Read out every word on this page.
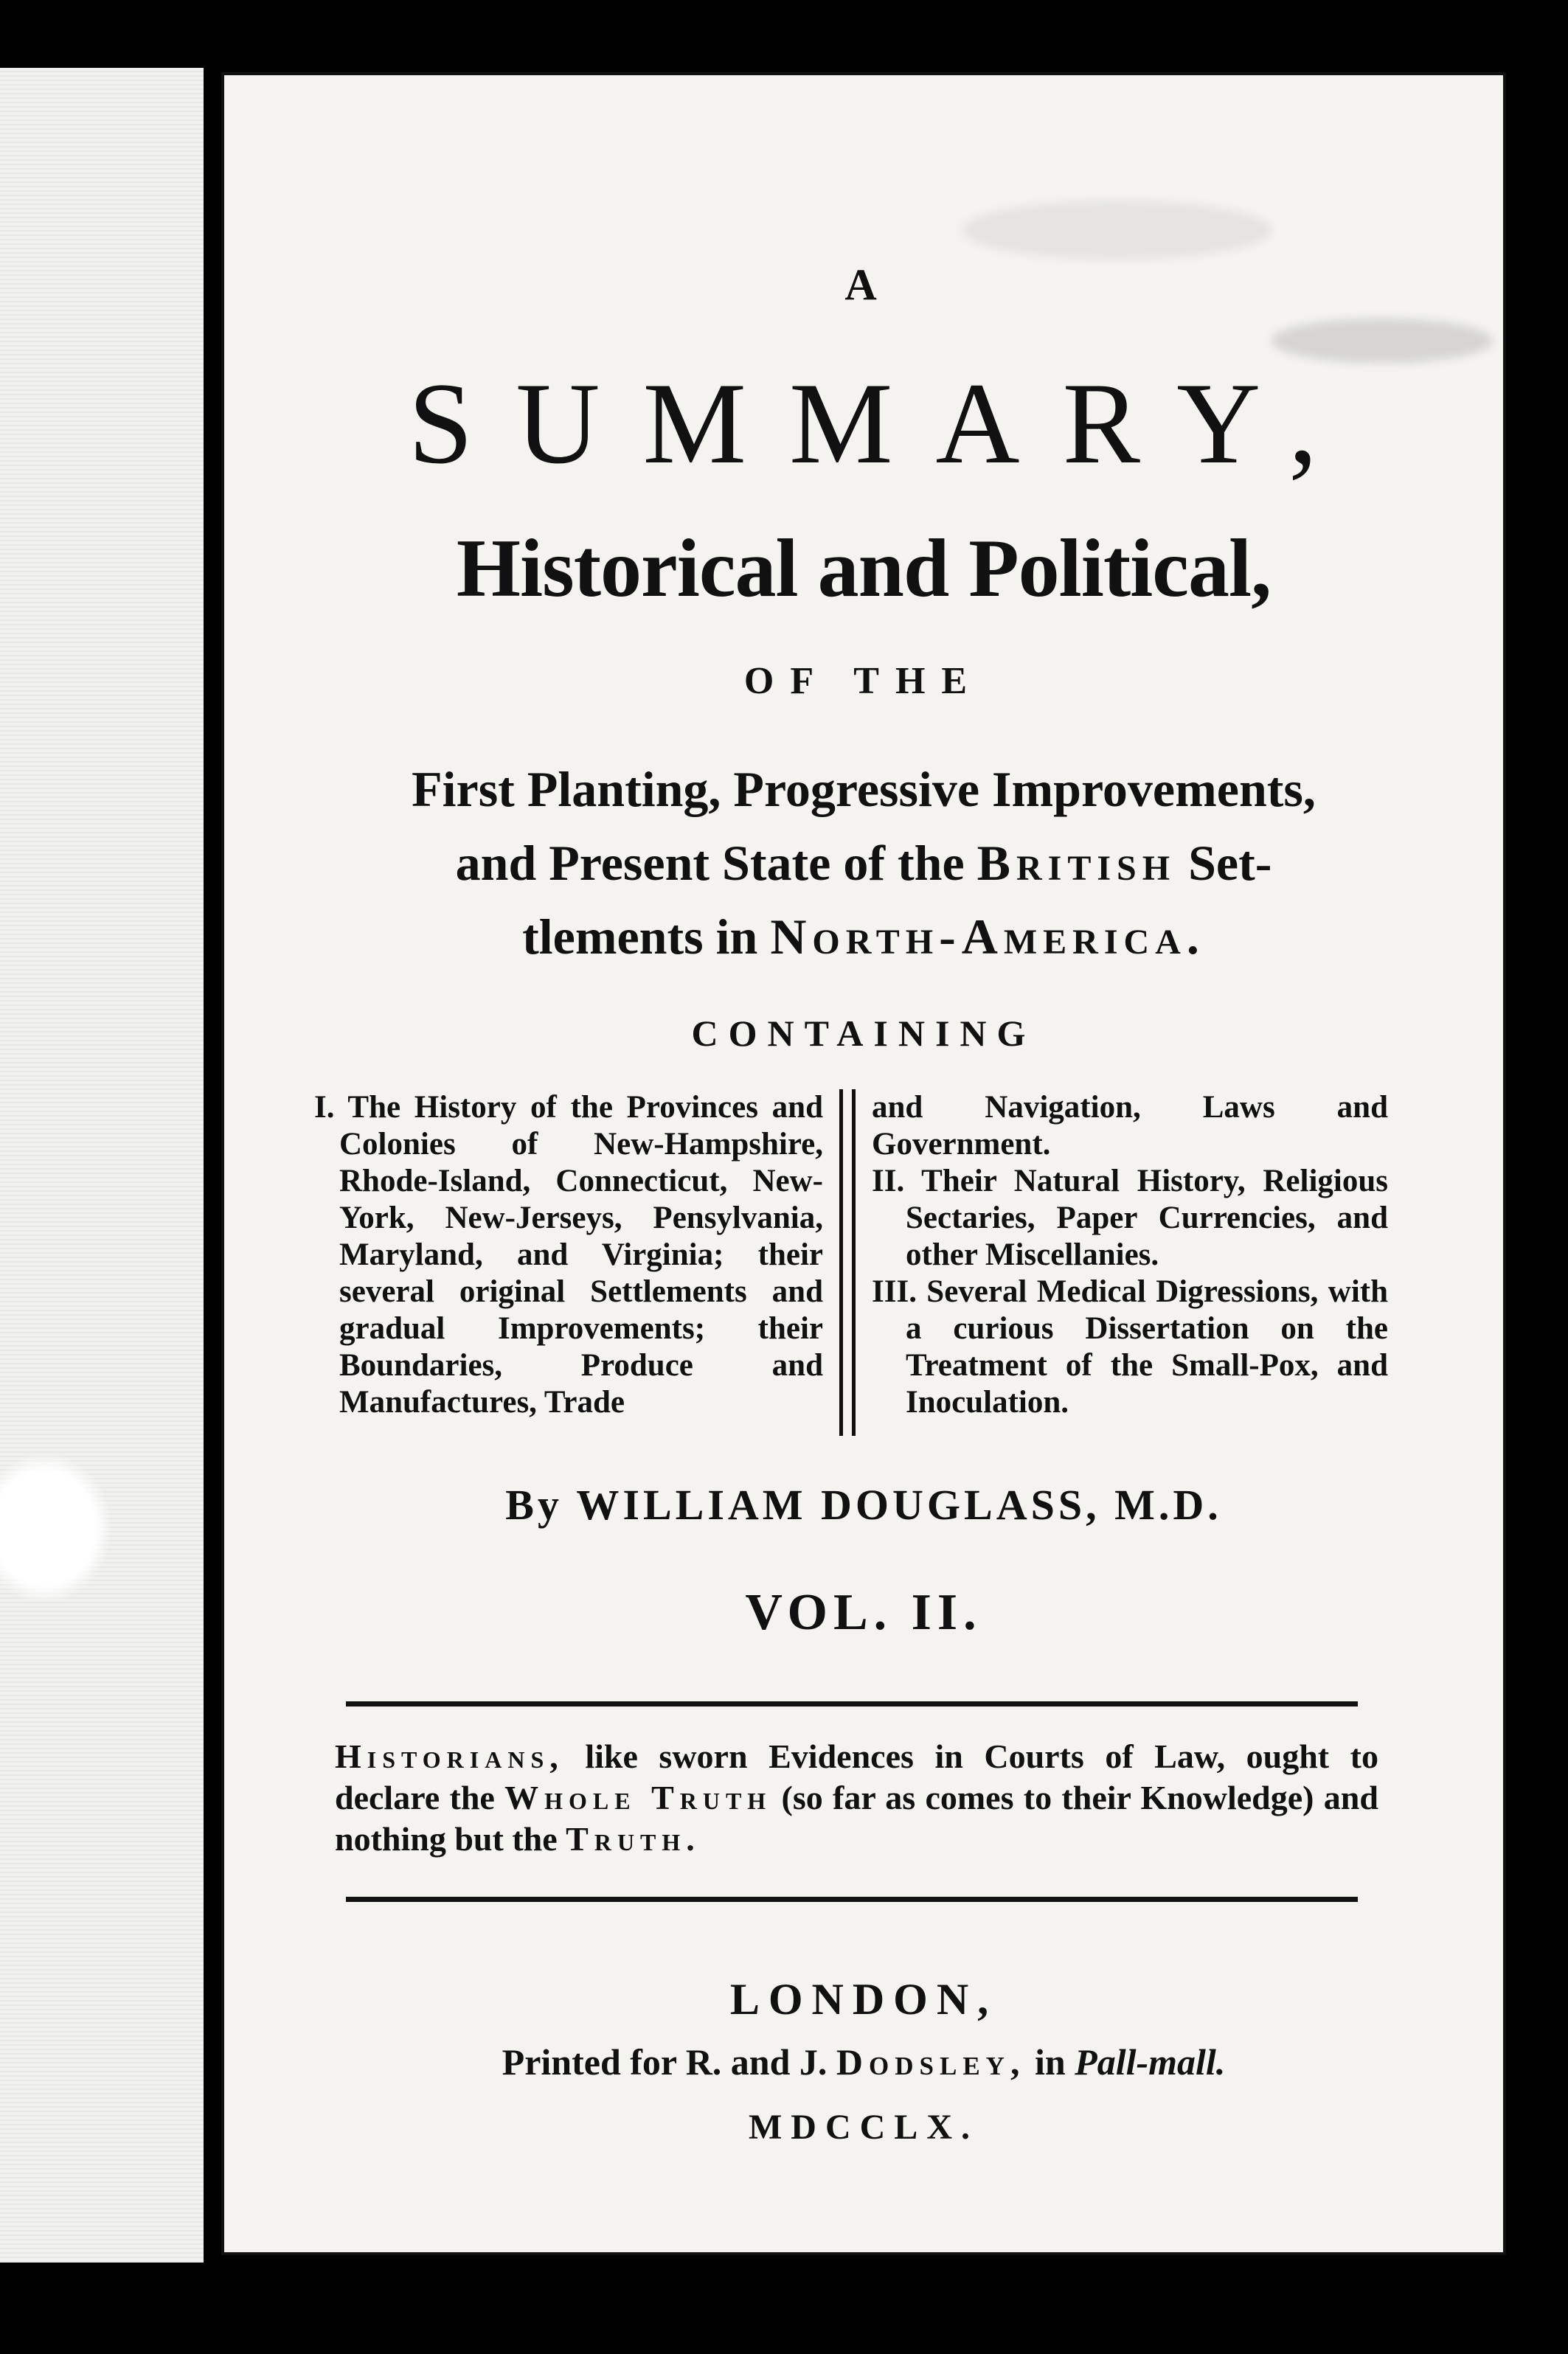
A
SUMMARY,
Historical and Political,
OF THE
First Planting, Progressive Improvements,
and Present State of the British Set-
tlements in North-America.
CONTAINING

I. The History of the Provinces and Colonies of New-Hampshire, Rhode-Island, Connecticut, New-York, New-Jerseys, Pensylvania, Maryland, and Virginia; their several original Settlements and gradual Improvements; their Boundaries, Produce and Manufactures, Trade

and Navigation, Laws and Government.

II. Their Natural History, Religious Sectaries, Paper Currencies, and other Miscellanies.

III. Several Medical Digressions, with a curious Dissertation on the Treatment of the Small-Pox, and Inoculation.

By WILLIAM DOUGLASS, M.D.
VOL. II.
Historians, like sworn Evidences in Courts of Law, ought to declare the Whole Truth (so far as comes to their Knowledge) and nothing but the Truth.
LONDON,
Printed for R. and J. Dodsley, in Pall-mall.
MDCCLX.
